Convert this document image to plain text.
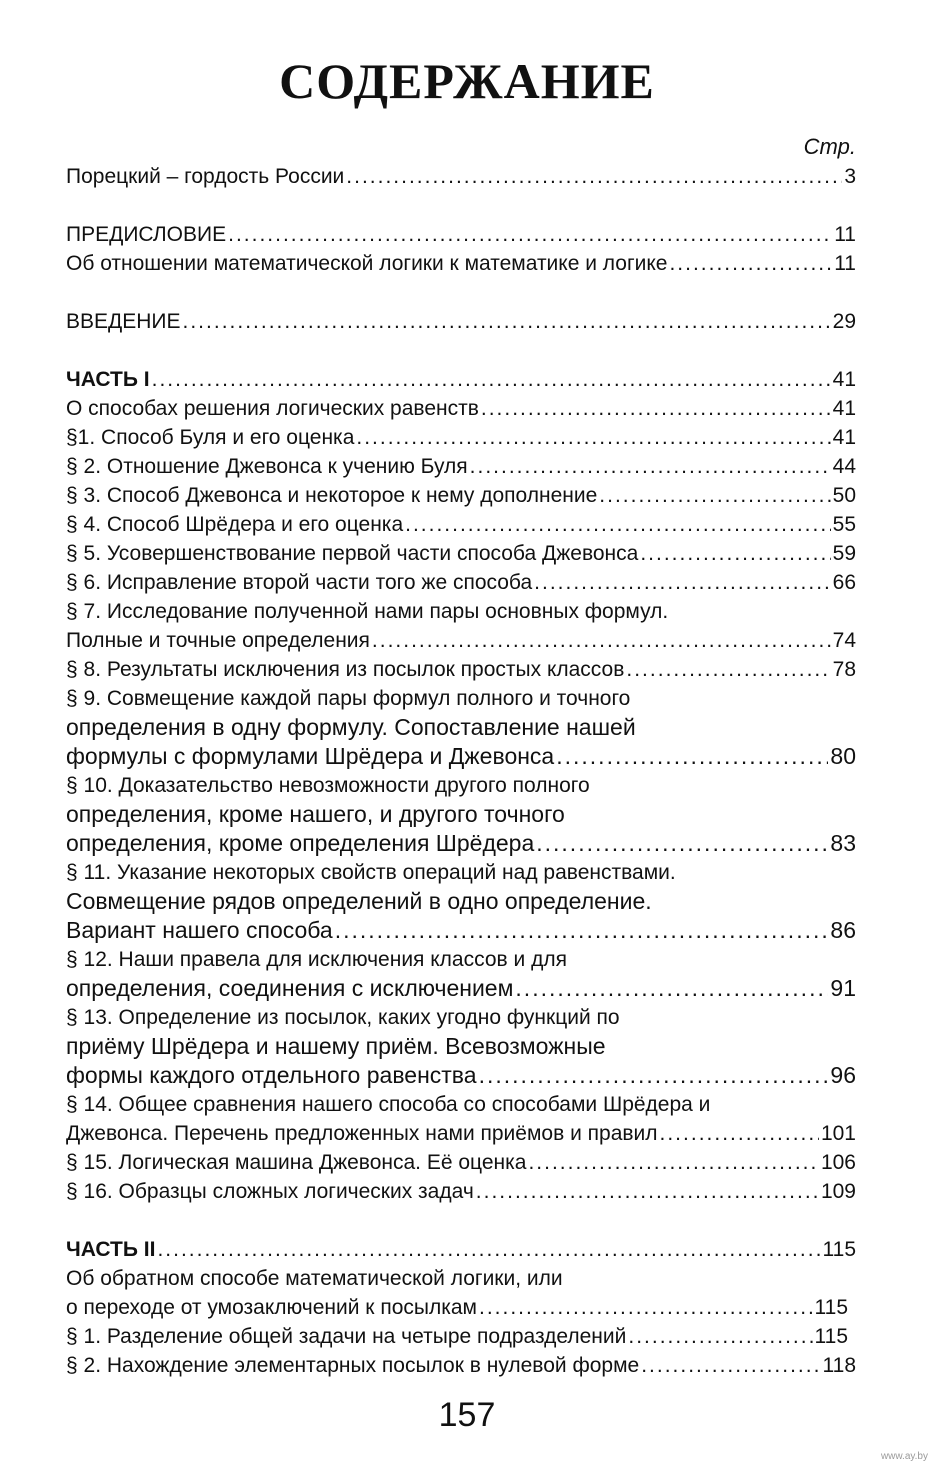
СОДЕРЖАНИЕ
Стр.
Порецкий – гордость России .....	3
ПРЕДИСЛОВИЕ .....	11
Об отношении математической логики к математике и логике .....	11
ВВЕДЕНИЕ .....	29
ЧАСТЬ I .....	41
О способах решения логических равенств .....	41
§1. Способ Буля и его оценка .....	41
§ 2. Отношение Джевонса к учению Буля .....	44
§ 3. Способ Джевонса и некоторое к нему дополнение .....	50
§ 4. Способ Шрёдера и его оценка .....	55
§ 5. Усовершенствование первой части способа Джевонса .....	59
§ 6. Исправление второй части того же способа .....	66
§ 7. Исследование полученной нами пары основных формул.
Полные и точные определения .....	74
§ 8. Результаты исключения из посылок простых классов .....	78
§ 9. Совмещение каждой пары формул полного и точного
определения в одну формулу. Сопоставление нашей
формулы с формулами Шрёдера и Джевонса .....	80
§ 10. Доказательство невозможности другого полного
определения, кроме нашего, и другого точного
определения, кроме определения Шрёдера .....	83
§ 11. Указание некоторых свойств операций над равенствами.
Совмещение рядов определений в одно определение.
Вариант нашего способа .....	86
§ 12. Наши правела для исключения классов и для
определения, соединения с исключением .....	91
§ 13. Определение из посылок, каких угодно функций по
приёму Шрёдера и нашему приём. Всевозможные
формы каждого отдельного равенства .....	96
§ 14. Общее сравнения нашего способа со способами Шрёдера и
Джевонса. Перечень предложенных нами приёмов и правил .....	101
§ 15. Логическая машина Джевонса. Её оценка .....	106
§ 16. Образцы сложных логических задач .....	109
ЧАСТЬ II .....	115
Об обратном способе математической логики, или
о переходе от умозаключений к посылкам .....	115
§ 1. Разделение общей задачи на четыре подразделений .....	115
§ 2. Нахождение элементарных посылок в нулевой форме .....	118
157
www.ay.by
